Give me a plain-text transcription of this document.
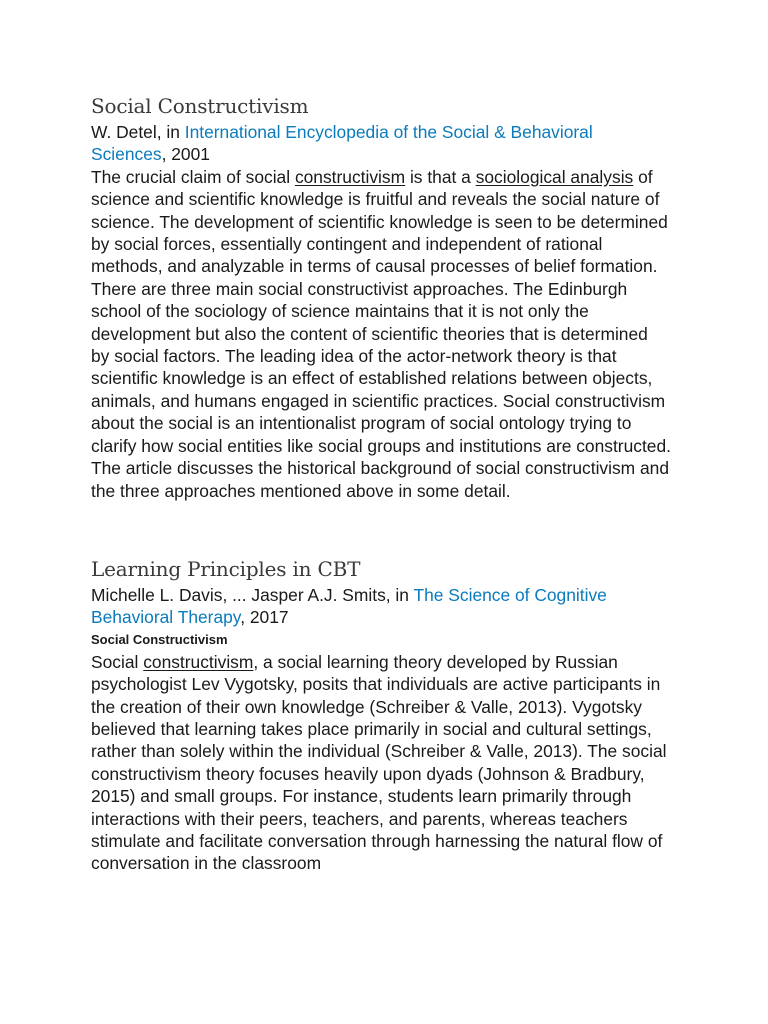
Social Constructivism

W. Detel, in International Encyclopedia of the Social & Behavioral Sciences, 2001

The crucial claim of social constructivism is that a sociological analysis of science and scientific knowledge is fruitful and reveals the social nature of science. The development of scientific knowledge is seen to be determined by social forces, essentially contingent and independent of rational methods, and analyzable in terms of causal processes of belief formation. There are three main social constructivist approaches. The Edinburgh school of the sociology of science maintains that it is not only the development but also the content of scientific theories that is determined by social factors. The leading idea of the actor-network theory is that scientific knowledge is an effect of established relations between objects, animals, and humans engaged in scientific practices. Social constructivism about the social is an intentionalist program of social ontology trying to clarify how social entities like social groups and institutions are constructed. The article discusses the historical background of social constructivism and the three approaches mentioned above in some detail.

Learning Principles in CBT

Michelle L. Davis, ... Jasper A.J. Smits, in The Science of Cognitive Behavioral Therapy, 2017

Social Constructivism

Social constructivism, a social learning theory developed by Russian psychologist Lev Vygotsky, posits that individuals are active participants in the creation of their own knowledge (Schreiber & Valle, 2013). Vygotsky believed that learning takes place primarily in social and cultural settings, rather than solely within the individual (Schreiber & Valle, 2013). The social constructivism theory focuses heavily upon dyads (Johnson & Bradbury, 2015) and small groups. For instance, students learn primarily through interactions with their peers, teachers, and parents, whereas teachers stimulate and facilitate conversation through harnessing the natural flow of conversation in the classroom
